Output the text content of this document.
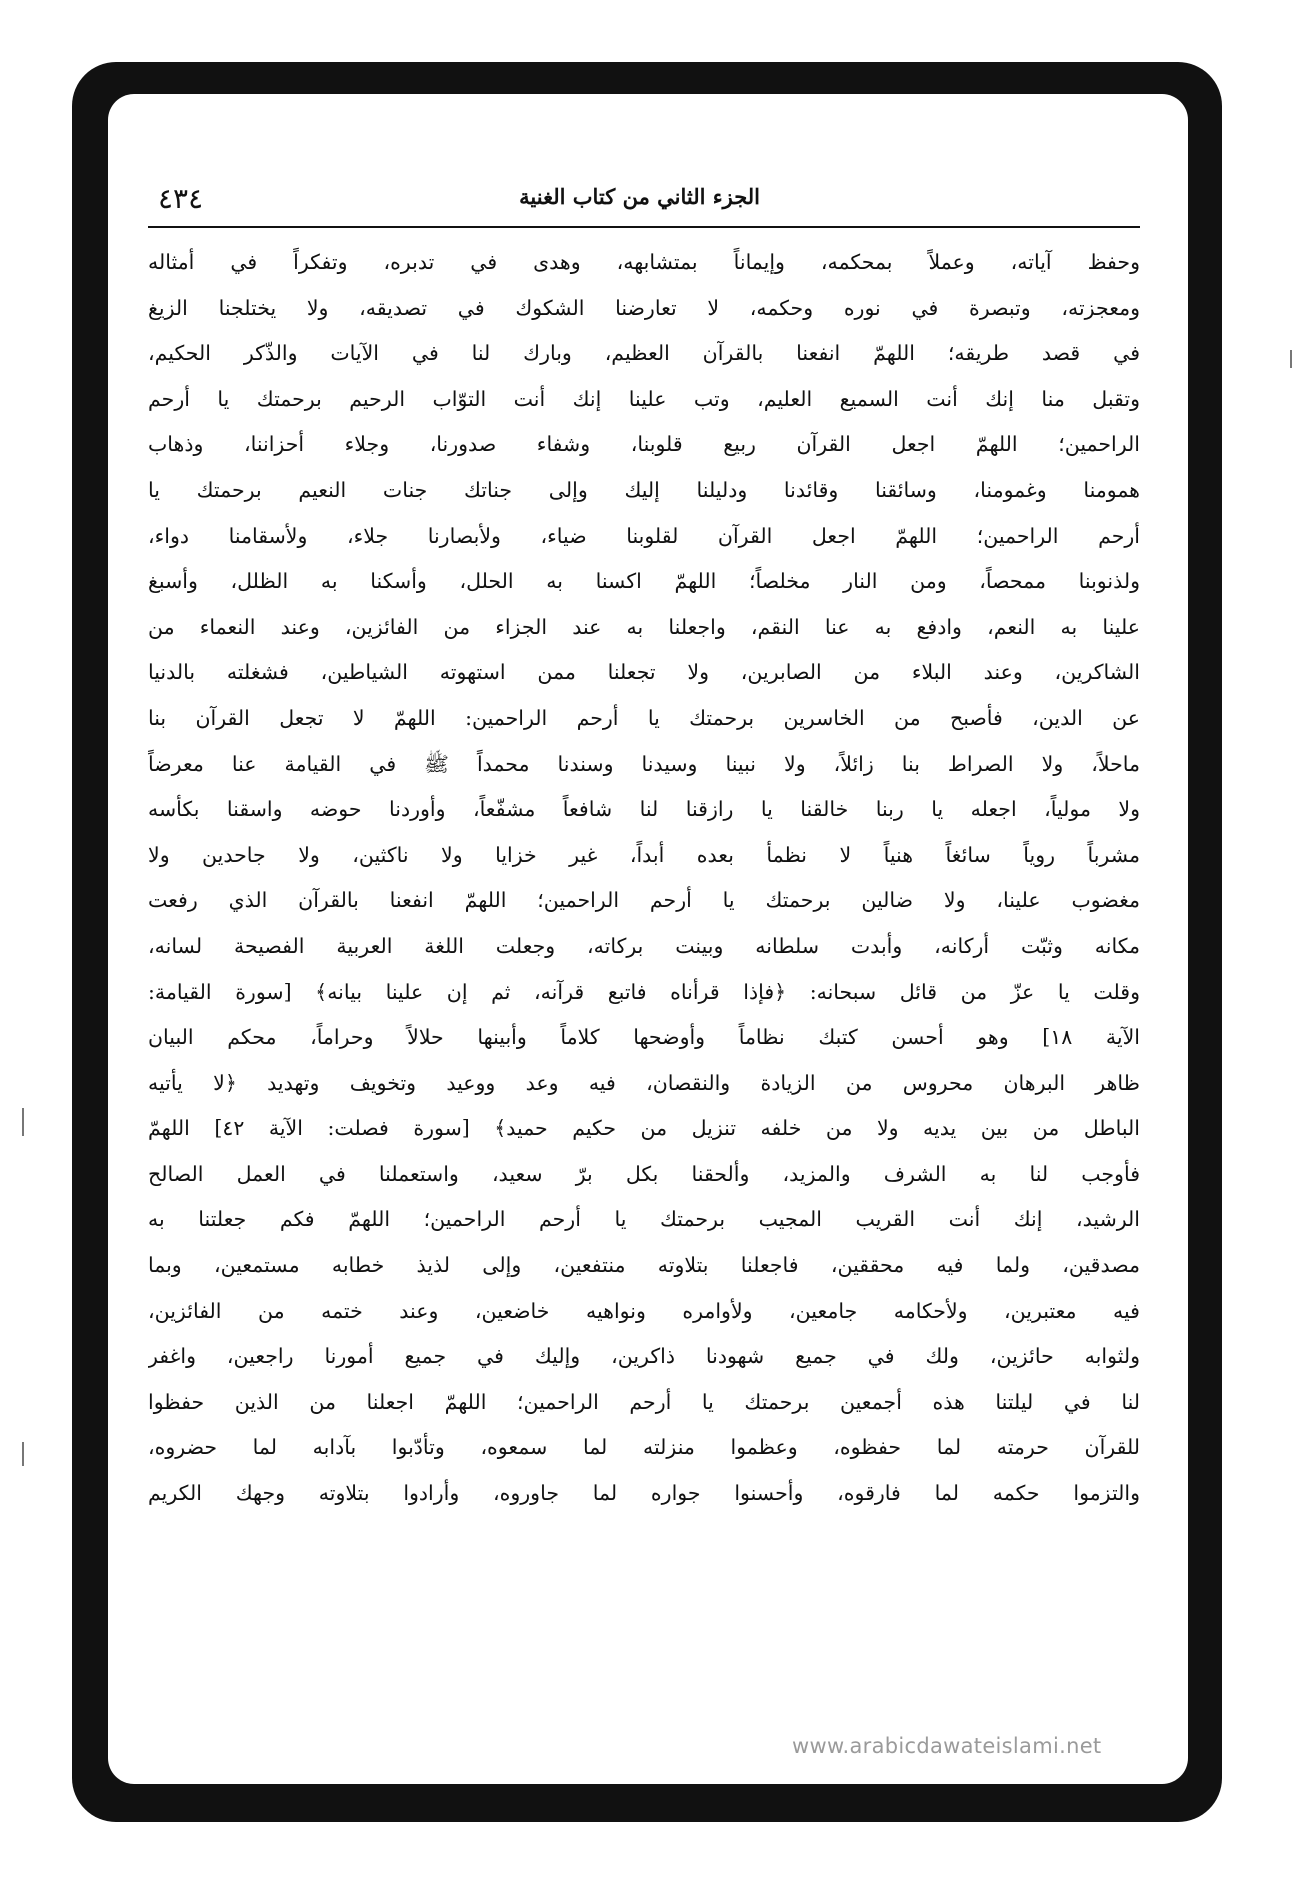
الجزء الثاني من كتاب الغنية
٤٣٤
وحفظ آياته، وعملاً بمحكمه، وإيماناً بمتشابهه، وهدى في تدبره، وتفكراً في أمثاله
ومعجزته، وتبصرة في نوره وحكمه، لا تعارضنا الشكوك في تصديقه، ولا يختلجنا الزيغ
في قصد طريقه؛ اللهمّ انفعنا بالقرآن العظيم، وبارك لنا في الآيات والذّكر الحكيم،
وتقبل منا إنك أنت السميع العليم، وتب علينا إنك أنت التوّاب الرحيم برحمتك يا أرحم
الراحمين؛ اللهمّ اجعل القرآن ربيع قلوبنا، وشفاء صدورنا، وجلاء أحزاننا، وذهاب
همومنا وغمومنا، وسائقنا وقائدنا ودليلنا إليك وإلى جناتك جنات النعيم برحمتك يا
أرحم الراحمين؛ اللهمّ اجعل القرآن لقلوبنا ضياء، ولأبصارنا جلاء، ولأسقامنا دواء،
ولذنوبنا ممحصاً، ومن النار مخلصاً؛ اللهمّ اكسنا به الحلل، وأسكنا به الظلل، وأسبغ
علينا به النعم، وادفع به عنا النقم، واجعلنا به عند الجزاء من الفائزين، وعند النعماء من
الشاكرين، وعند البلاء من الصابرين، ولا تجعلنا ممن استهوته الشياطين، فشغلته بالدنيا
عن الدين، فأصبح من الخاسرين برحمتك يا أرحم الراحمين: اللهمّ لا تجعل القرآن بنا
ماحلاً، ولا الصراط بنا زائلاً، ولا نبينا وسيدنا وسندنا محمداً ﷺ في القيامة عنا معرضاً
ولا مولياً، اجعله يا ربنا خالقنا يا رازقنا لنا شافعاً مشفّعاً، وأوردنا حوضه واسقنا بكأسه
مشرباً روياً سائغاً هنياً لا نظمأ بعده أبداً، غير خزايا ولا ناكثين، ولا جاحدين ولا
مغضوب علينا، ولا ضالين برحمتك يا أرحم الراحمين؛ اللهمّ انفعنا بالقرآن الذي رفعت
مكانه وثبّت أركانه، وأبدت سلطانه وبينت بركاته، وجعلت اللغة العربية الفصيحة لسانه،
وقلت يا عزّ من قائل سبحانه: ﴿فإذا قرأناه فاتبع قرآنه، ثم إن علينا بيانه﴾ [سورة القيامة:
الآية ١٨] وهو أحسن كتبك نظاماً وأوضحها كلاماً وأبينها حلالاً وحراماً، محكم البيان
ظاهر البرهان محروس من الزيادة والنقصان، فيه وعد ووعيد وتخويف وتهديد ﴿لا يأتيه
الباطل من بين يديه ولا من خلفه تنزيل من حكيم حميد﴾ [سورة فصلت: الآية ٤٢] اللهمّ
فأوجب لنا به الشرف والمزيد، وألحقنا بكل برّ سعيد، واستعملنا في العمل الصالح
الرشيد، إنك أنت القريب المجيب برحمتك يا أرحم الراحمين؛ اللهمّ فكم جعلتنا به
مصدقين، ولما فيه محققين، فاجعلنا بتلاوته منتفعين، وإلى لذيذ خطابه مستمعين، وبما
فيه معتبرين، ولأحكامه جامعين، ولأوامره ونواهيه خاضعين، وعند ختمه من الفائزين،
ولثوابه حائزين، ولك في جميع شهودنا ذاكرين، وإليك في جميع أمورنا راجعين، واغفر
لنا في ليلتنا هذه أجمعين برحمتك يا أرحم الراحمين؛ اللهمّ اجعلنا من الذين حفظوا
للقرآن حرمته لما حفظوه، وعظموا منزلته لما سمعوه، وتأدّبوا بآدابه لما حضروه،
والتزموا حكمه لما فارقوه، وأحسنوا جواره لما جاوروه، وأرادوا بتلاوته وجهك الكريم
www.arabicdawateislami.net
